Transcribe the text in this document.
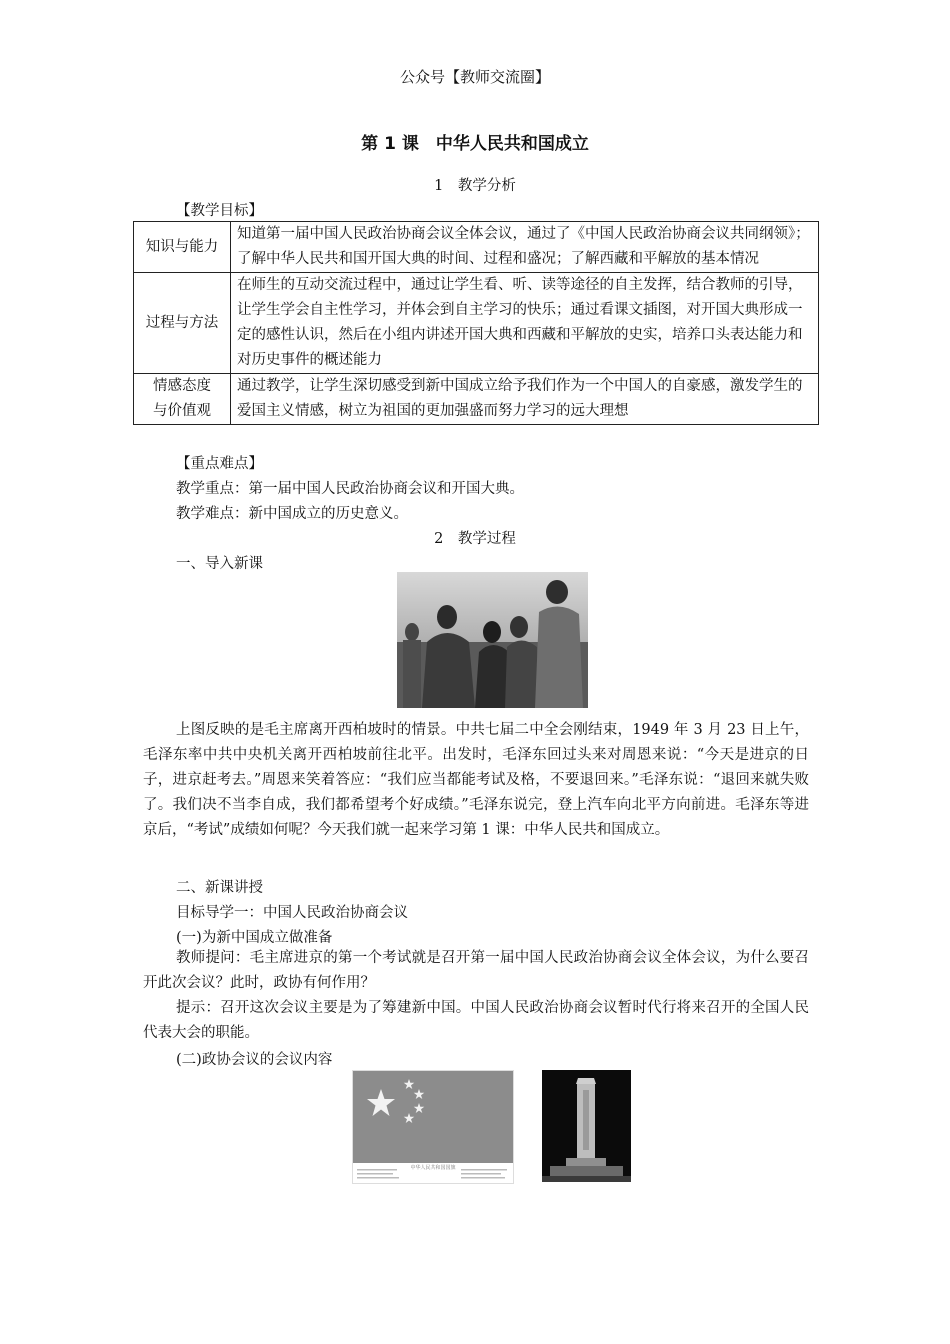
公众号【教师交流圈】
第 1 课　中华人民共和国成立
1　教学分析
【教学目标】
知识与能力	知道第一届中国人民政治协商会议全体会议，通过了《中国人民政治协商会议共同纲领》；了解中华人民共和国开国大典的时间、过程和盛况；了解西藏和平解放的基本情况
过程与方法	在师生的互动交流过程中，通过让学生看、听、读等途径的自主发挥，结合教师的引导，让学生学会自主性学习，并体会到自主学习的快乐；通过看课文插图，对开国大典形成一定的感性认识，然后在小组内讲述开国大典和西藏和平解放的史实，培养口头表达能力和对历史事件的概述能力
情感态度
与价值观	通过教学，让学生深切感受到新中国成立给予我们作为一个中国人的自豪感，激发学生的爱国主义情感，树立为祖国的更加强盛而努力学习的远大理想
【重点难点】
教学重点：第一届中国人民政治协商会议和开国大典。
教学难点：新中国成立的历史意义。
2　教学过程
一、导入新课
上图反映的是毛主席离开西柏坡时的情景。中共七届二中全会刚结束，1949 年 3 月 23 日上午，毛泽东率中共中央机关离开西柏坡前往北平。出发时，毛泽东回过头来对周恩来说：“今天是进京的日子，进京赶考去。”周恩来笑着答应：“我们应当都能考试及格，不要退回来。”毛泽东说：“退回来就失败了。我们决不当李自成，我们都希望考个好成绩。”毛泽东说完，登上汽车向北平方向前进。毛泽东等进京后，“考试”成绩如何呢？今天我们就一起来学习第 1 课：中华人民共和国成立。
二、新课讲授
目标导学一：中国人民政治协商会议
(一)为新中国成立做准备
教师提问：毛主席进京的第一个考试就是召开第一届中国人民政治协商会议全体会议，为什么要召开此次会议？此时，政协有何作用？
提示：召开这次会议主要是为了筹建新中国。中国人民政治协商会议暂时代行将来召开的全国人民代表大会的职能。
(二)政协会议的会议内容
中华人民共和国国旗
